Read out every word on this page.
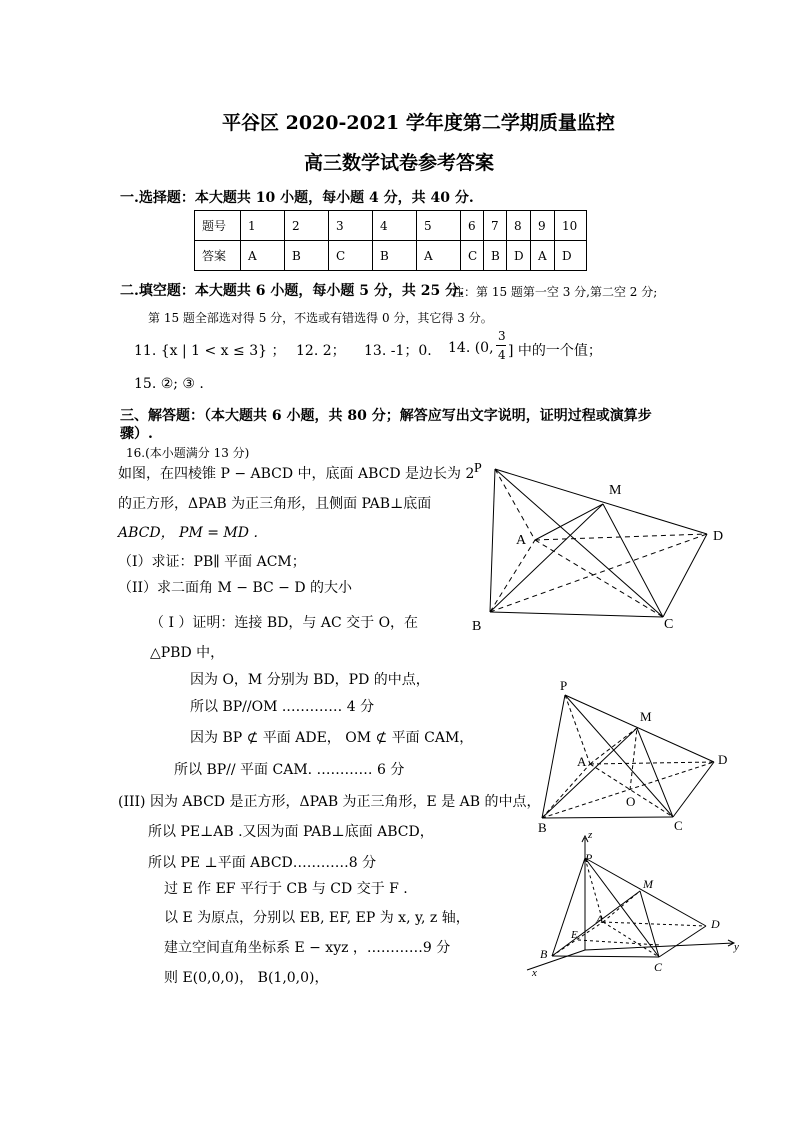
平谷区 2020-2021 学年度第二学期质量监控
高三数学试卷参考答案
一.选择题：本大题共 10 小题，每小题 4 分，共 40 分.
题号	1	2	3	4	5	6	7	8	9	10
答案	A	B	C	B	A	C	B	D	A	D
二.填空题：本大题共 6 小题，每小题 5 分，共 25 分.
注：第 15 题第一空 3 分,第二空 2 分;
第 15 题全部选对得 5 分，不选或有错选得 0 分，其它得 3 分。
11. {x | 1 < x ≤ 3} ； 12. 2； 13. -1；0. 14. (0,
3
4 ] 中的一个值；
15. ②; ③ .
三、解答题：（本大题共 6 小题，共 80 分；解答应写出文字说明，证明过程或演算步
骤）.
16.(本小题满分 13 分)
如图，在四棱锥 P − ABCD 中，底面 ABCD 是边长为 2
的正方形，ΔPAB 为正三角形，且侧面 PAB⊥底面
ABCD， PM = MD .
（I）求证：PB∥ 平面 ACM；
（II）求二面角 M − BC − D 的大小
（ I ）证明：连接 BD，与 AC 交于 O，在
△PBD 中，
因为 O，M 分别为 BD，PD 的中点，
所以 BP//OM .………… 4 分
因为 BP ⊄ 平面 ADE， OM ⊄ 平面 CAM，
所以 BP// 平面 CAM. ………… 6 分
(III) 因为 ABCD 是正方形，ΔPAB 为正三角形，E 是 AB 的中点，
所以 PE⊥AB .又因为面 PAB⊥底面 ABCD，
所以 PE ⊥平面 ABCD…………8 分
过 E 作 EF 平行于 CB 与 CD 交于 F .
以 E 为原点，分别以 EB, EF, EP 为 x, y, z 轴，
建立空间直角坐标系 E − xyz ，…………9 分
则 E(0,0,0)， B(1,0,0)，
P
M
A	D
B	C
P
M
A	D
O
B	C
z
P
M
A
E
D
B
C
y
x
